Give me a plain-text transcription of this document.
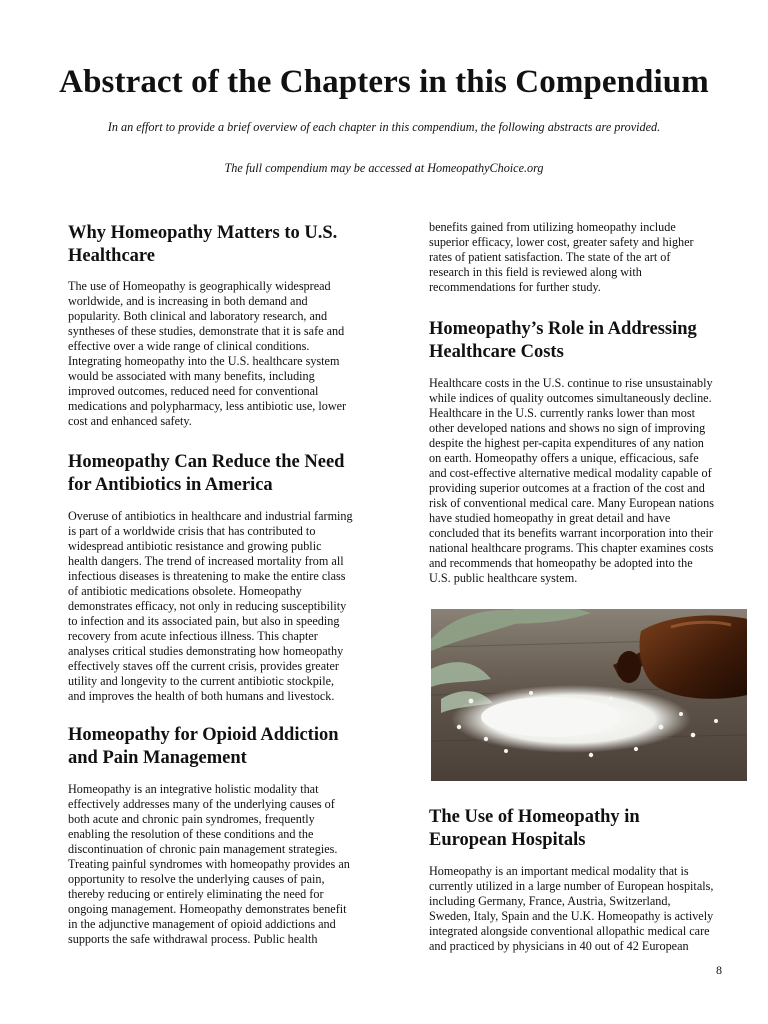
Abstract of the Chapters in this Compendium

In an effort to provide a brief overview of each chapter in this compendium, the following abstracts are provided.

The full compendium may be accessed at HomeopathyChoice.org

Why Homeopathy Matters to U.S.
Healthcare

The use of Homeopathy is geographically widespread

worldwide, and is increasing in both demand and

popularity. Both clinical and laboratory research, and

syntheses of these studies, demonstrate that it is safe and

effective over a wide range of clinical conditions.

Integrating homeopathy into the U.S. healthcare system

would be associated with many benefits, including

improved outcomes, reduced need for conventional

medications and polypharmacy, less antibiotic use, lower

cost and enhanced safety.

Homeopathy Can Reduce the Need
for Antibiotics in America

Overuse of antibiotics in healthcare and industrial farming

is part of a worldwide crisis that has contributed to

widespread antibiotic resistance and growing public

health dangers. The trend of increased mortality from all

infectious diseases is threatening to make the entire class

of antibiotic medications obsolete. Homeopathy

demonstrates efficacy, not only in reducing susceptibility

to infection and its associated pain, but also in speeding

recovery from acute infectious illness. This chapter

analyses critical studies demonstrating how homeopathy

effectively staves off the current crisis, provides greater

utility and longevity to the current antibiotic stockpile,

and improves the health of both humans and livestock.

Homeopathy for Opioid Addiction
and Pain Management

Homeopathy is an integrative holistic modality that

effectively addresses many of the underlying causes of

both acute and chronic pain syndromes, frequently

enabling the resolution of these conditions and the

discontinuation of chronic pain management strategies.

Treating painful syndromes with homeopathy provides an

opportunity to resolve the underlying causes of pain,

thereby reducing or entirely eliminating the need for

ongoing management. Homeopathy demonstrates benefit

in the adjunctive management of opioid addictions and

supports the safe withdrawal process. Public health

benefits gained from utilizing homeopathy include

superior efficacy, lower cost, greater safety and higher

rates of patient satisfaction. The state of the art of

research in this field is reviewed along with

recommendations for further study.

Homeopathy’s Role in Addressing
Healthcare Costs

Healthcare costs in the U.S. continue to rise unsustainably

while indices of quality outcomes simultaneously decline.

Healthcare in the U.S. currently ranks lower than most

other developed nations and shows no sign of improving

despite the highest per-capita expenditures of any nation

on earth. Homeopathy offers a unique, efficacious, safe

and cost-effective alternative medical modality capable of

providing superior outcomes at a fraction of the cost and

risk of conventional medical care. Many European nations

have studied homeopathy in great detail and have

concluded that its benefits warrant incorporation into their

national healthcare programs. This chapter examines costs

and recommends that homeopathy be adopted into the

U.S. public healthcare system.

The Use of Homeopathy in
European Hospitals

Homeopathy is an important medical modality that is

currently utilized in a large number of European hospitals,

including Germany, France, Austria, Switzerland,

Sweden, Italy, Spain and the U.K. Homeopathy is actively

integrated alongside conventional allopathic medical care

and practiced by physicians in 40 out of 42 European

8
